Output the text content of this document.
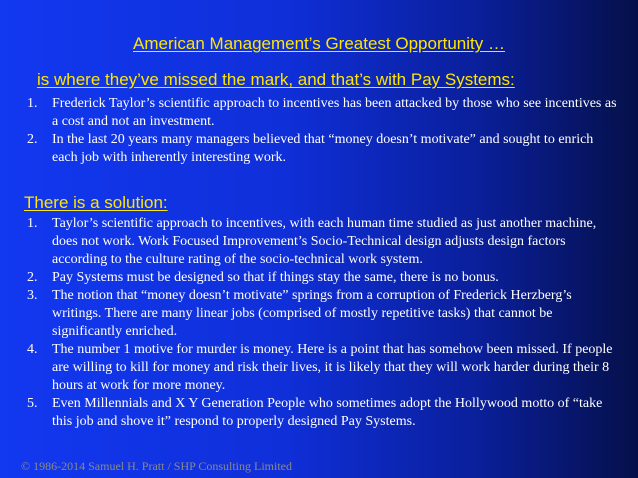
American Management’s Greatest Opportunity …
is where they’ve missed the mark, and that’s with Pay Systems:
1. Frederick Taylor’s scientific approach to incentives has been attacked by those who see incentives as a cost and not an investment.
2. In the last 20 years many managers believed that “money doesn’t motivate” and sought to enrich each job with inherently interesting work.
There is a solution:
1. Taylor’s scientific approach to incentives, with each human time studied as just another machine, does not work. Work Focused Improvement’s Socio-Technical design adjusts design factors according to the culture rating of the socio-technical work system.
2. Pay Systems must be designed so that if things stay the same, there is no bonus.
3. The notion that “money doesn’t motivate” springs from a corruption of Frederick Herzberg’s writings. There are many linear jobs (comprised of mostly repetitive tasks) that cannot be significantly enriched.
4. The number 1 motive for murder is money. Here is a point that has somehow been missed. If people are willing to kill for money and risk their lives, it is likely that they will work harder during their 8 hours at work for more money.
5. Even Millennials and X Y Generation People who sometimes adopt the Hollywood motto of “take this job and shove it” respond to properly designed Pay Systems.
© 1986-2014 Samuel H. Pratt / SHP Consulting Limited
